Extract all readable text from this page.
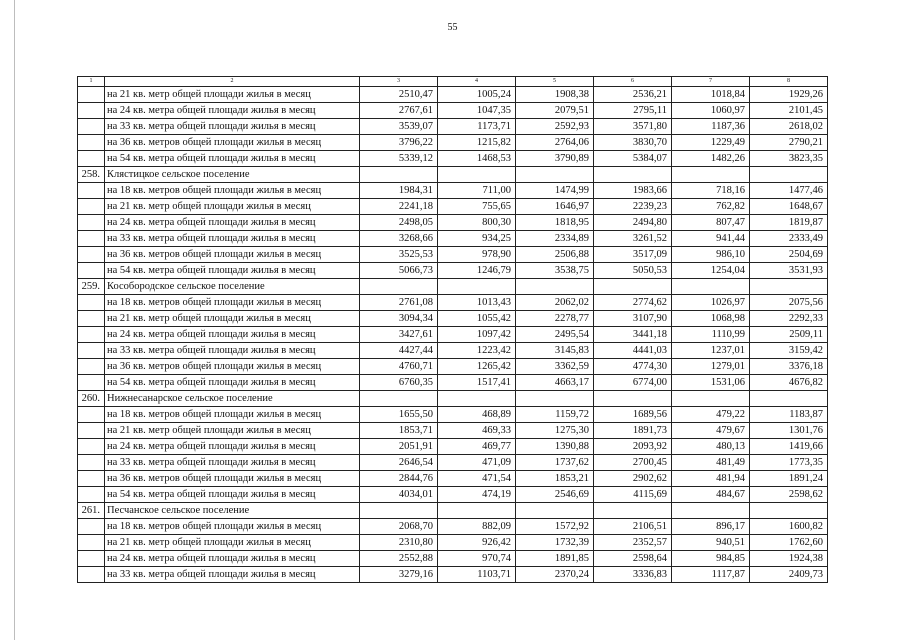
55
1	2	3	4	5	6	7	8
	на 21 кв. метр общей площади жилья в месяц	2510,47	1005,24	1908,38	2536,21	1018,84	1929,26
	на 24 кв. метра общей площади жилья в месяц	2767,61	1047,35	2079,51	2795,11	1060,97	2101,45
	на 33 кв. метра общей площади жилья в месяц	3539,07	1173,71	2592,93	3571,80	1187,36	2618,02
	на 36 кв. метров общей площади жилья в месяц	3796,22	1215,82	2764,06	3830,70	1229,49	2790,21
	на 54 кв. метра общей площади жилья в месяц	5339,12	1468,53	3790,89	5384,07	1482,26	3823,35
258.	Клястицкое сельское поселение						
	на 18 кв. метров общей площади жилья в месяц	1984,31	711,00	1474,99	1983,66	718,16	1477,46
	на 21 кв. метр общей площади жилья в месяц	2241,18	755,65	1646,97	2239,23	762,82	1648,67
	на 24 кв. метра общей площади жилья в месяц	2498,05	800,30	1818,95	2494,80	807,47	1819,87
	на 33 кв. метра общей площади жилья в месяц	3268,66	934,25	2334,89	3261,52	941,44	2333,49
	на 36 кв. метров общей площади жилья в месяц	3525,53	978,90	2506,88	3517,09	986,10	2504,69
	на 54 кв. метра общей площади жилья в месяц	5066,73	1246,79	3538,75	5050,53	1254,04	3531,93
259.	Кособородское сельское поселение						
	на 18 кв. метров общей площади жилья в месяц	2761,08	1013,43	2062,02	2774,62	1026,97	2075,56
	на 21 кв. метр общей площади жилья в месяц	3094,34	1055,42	2278,77	3107,90	1068,98	2292,33
	на 24 кв. метра общей площади жилья в месяц	3427,61	1097,42	2495,54	3441,18	1110,99	2509,11
	на 33 кв. метра общей площади жилья в месяц	4427,44	1223,42	3145,83	4441,03	1237,01	3159,42
	на 36 кв. метров общей площади жилья в месяц	4760,71	1265,42	3362,59	4774,30	1279,01	3376,18
	на 54 кв. метра общей площади жилья в месяц	6760,35	1517,41	4663,17	6774,00	1531,06	4676,82
260.	Нижнесанарское сельское поселение						
	на 18 кв. метров общей площади жилья в месяц	1655,50	468,89	1159,72	1689,56	479,22	1183,87
	на 21 кв. метр общей площади жилья в месяц	1853,71	469,33	1275,30	1891,73	479,67	1301,76
	на 24 кв. метра общей площади жилья в месяц	2051,91	469,77	1390,88	2093,92	480,13	1419,66
	на 33 кв. метра общей площади жилья в месяц	2646,54	471,09	1737,62	2700,45	481,49	1773,35
	на 36 кв. метров общей площади жилья в месяц	2844,76	471,54	1853,21	2902,62	481,94	1891,24
	на 54 кв. метра общей площади жилья в месяц	4034,01	474,19	2546,69	4115,69	484,67	2598,62
261.	Песчанское сельское поселение						
	на 18 кв. метров общей площади жилья в месяц	2068,70	882,09	1572,92	2106,51	896,17	1600,82
	на 21 кв. метр общей площади жилья в месяц	2310,80	926,42	1732,39	2352,57	940,51	1762,60
	на 24 кв. метра общей площади жилья в месяц	2552,88	970,74	1891,85	2598,64	984,85	1924,38
	на 33 кв. метра общей площади жилья в месяц	3279,16	1103,71	2370,24	3336,83	1117,87	2409,73
